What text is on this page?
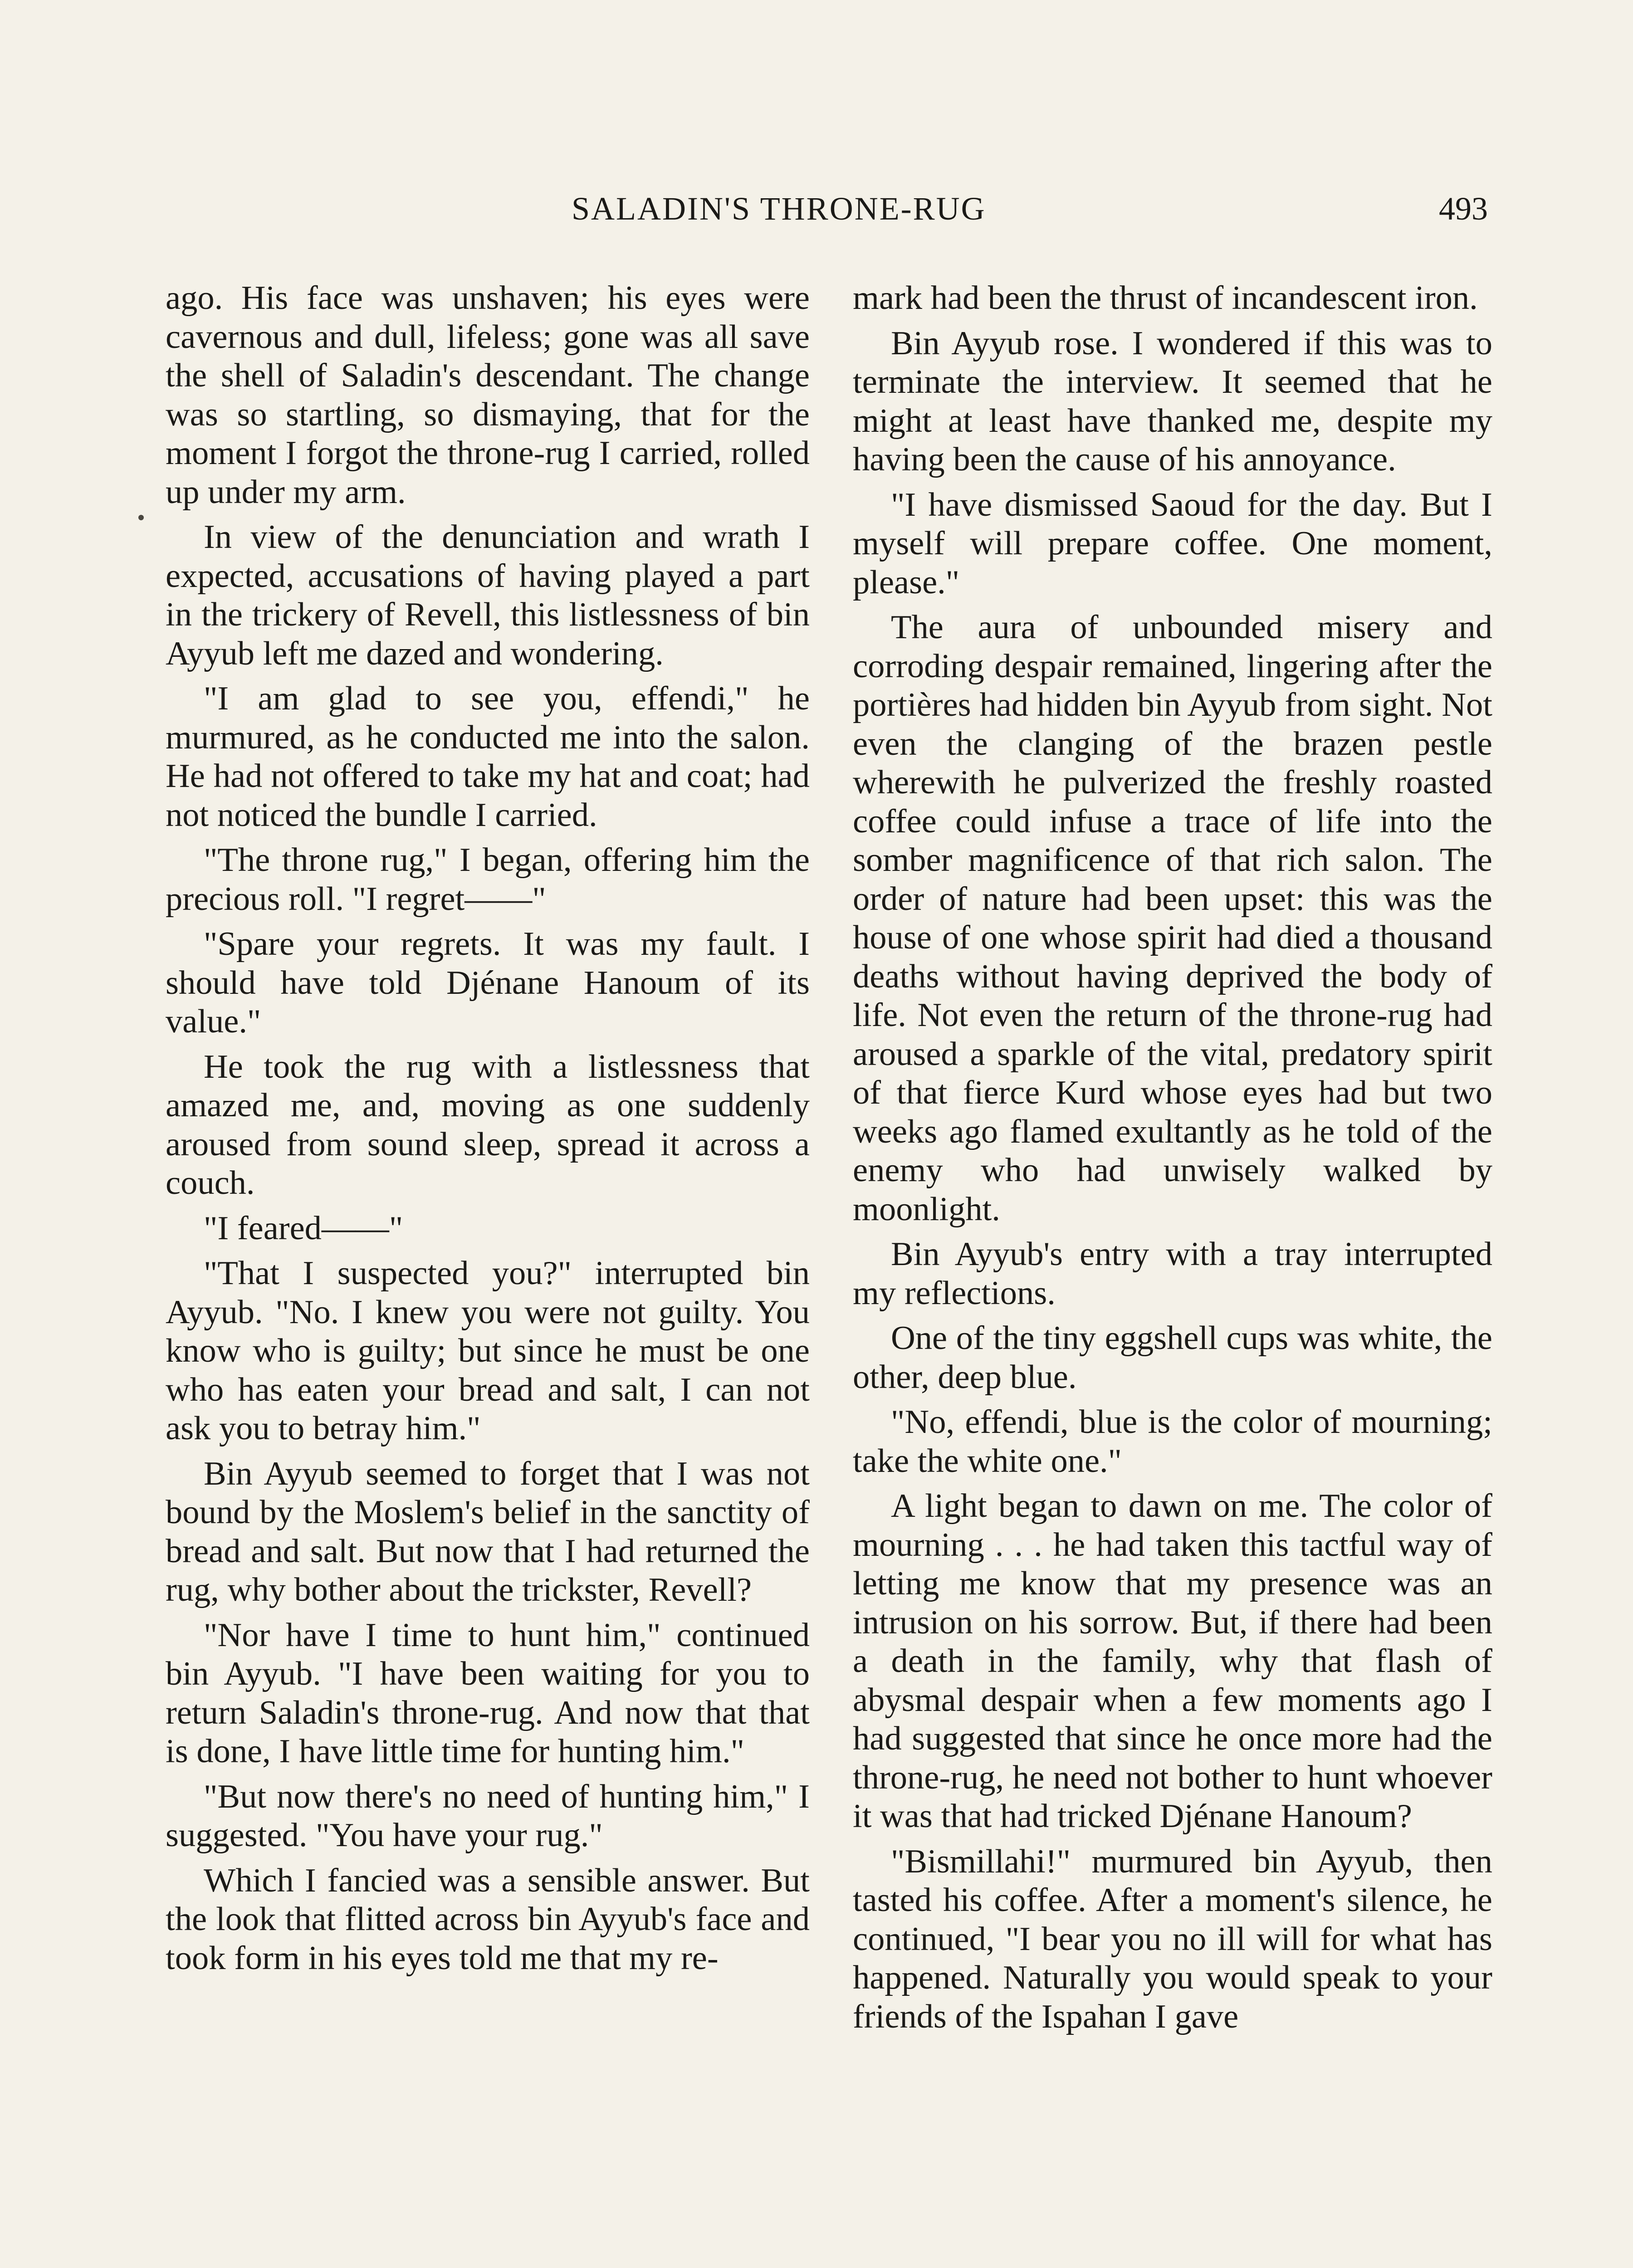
SALADIN'S THRONE-RUG	493

ago. His face was unshaven; his eyes were cavernous and dull, lifeless; gone was all save the shell of Saladin's descendant. The change was so startling, so dismaying, that for the moment I forgot the throne-rug I carried, rolled up under my arm.

In view of the denunciation and wrath I expected, accusations of having played a part in the trickery of Revell, this listlessness of bin Ayyub left me dazed and wondering.

"I am glad to see you, effendi," he murmured, as he conducted me into the salon. He had not offered to take my hat and coat; had not noticed the bundle I carried.

"The throne rug," I began, offering him the precious roll. "I regret——"

"Spare your regrets. It was my fault. I should have told Djénane Hanoum of its value."

He took the rug with a listlessness that amazed me, and, moving as one suddenly aroused from sound sleep, spread it across a couch.

"I feared——"

"That I suspected you?" interrupted bin Ayyub. "No. I knew you were not guilty. You know who is guilty; but since he must be one who has eaten your bread and salt, I can not ask you to betray him."

Bin Ayyub seemed to forget that I was not bound by the Moslem's belief in the sanctity of bread and salt. But now that I had returned the rug, why bother about the trickster, Revell?

"Nor have I time to hunt him," continued bin Ayyub. "I have been waiting for you to return Saladin's throne-rug. And now that that is done, I have little time for hunting him."

"But now there's no need of hunting him," I suggested. "You have your rug."

Which I fancied was a sensible answer. But the look that flitted across bin Ayyub's face and took form in his eyes told me that my re-

mark had been the thrust of incandescent iron.

Bin Ayyub rose. I wondered if this was to terminate the interview. It seemed that he might at least have thanked me, despite my having been the cause of his annoyance.

"I have dismissed Saoud for the day. But I myself will prepare coffee. One moment, please."

The aura of unbounded misery and corroding despair remained, lingering after the portières had hidden bin Ayyub from sight. Not even the clanging of the brazen pestle wherewith he pulverized the freshly roasted coffee could infuse a trace of life into the somber magnificence of that rich salon. The order of nature had been upset: this was the house of one whose spirit had died a thousand deaths without having deprived the body of life. Not even the return of the throne-rug had aroused a sparkle of the vital, predatory spirit of that fierce Kurd whose eyes had but two weeks ago flamed exultantly as he told of the enemy who had unwisely walked by moonlight.

Bin Ayyub's entry with a tray interrupted my reflections.

One of the tiny eggshell cups was white, the other, deep blue.

"No, effendi, blue is the color of mourning; take the white one."

A light began to dawn on me. The color of mourning . . . he had taken this tactful way of letting me know that my presence was an intrusion on his sorrow. But, if there had been a death in the family, why that flash of abysmal despair when a few moments ago I had suggested that since he once more had the throne-rug, he need not bother to hunt whoever it was that had tricked Djénane Hanoum?

"Bismillahi!" murmured bin Ayyub, then tasted his coffee. After a moment's silence, he continued, "I bear you no ill will for what has happened. Naturally you would speak to your friends of the Ispahan I gave
